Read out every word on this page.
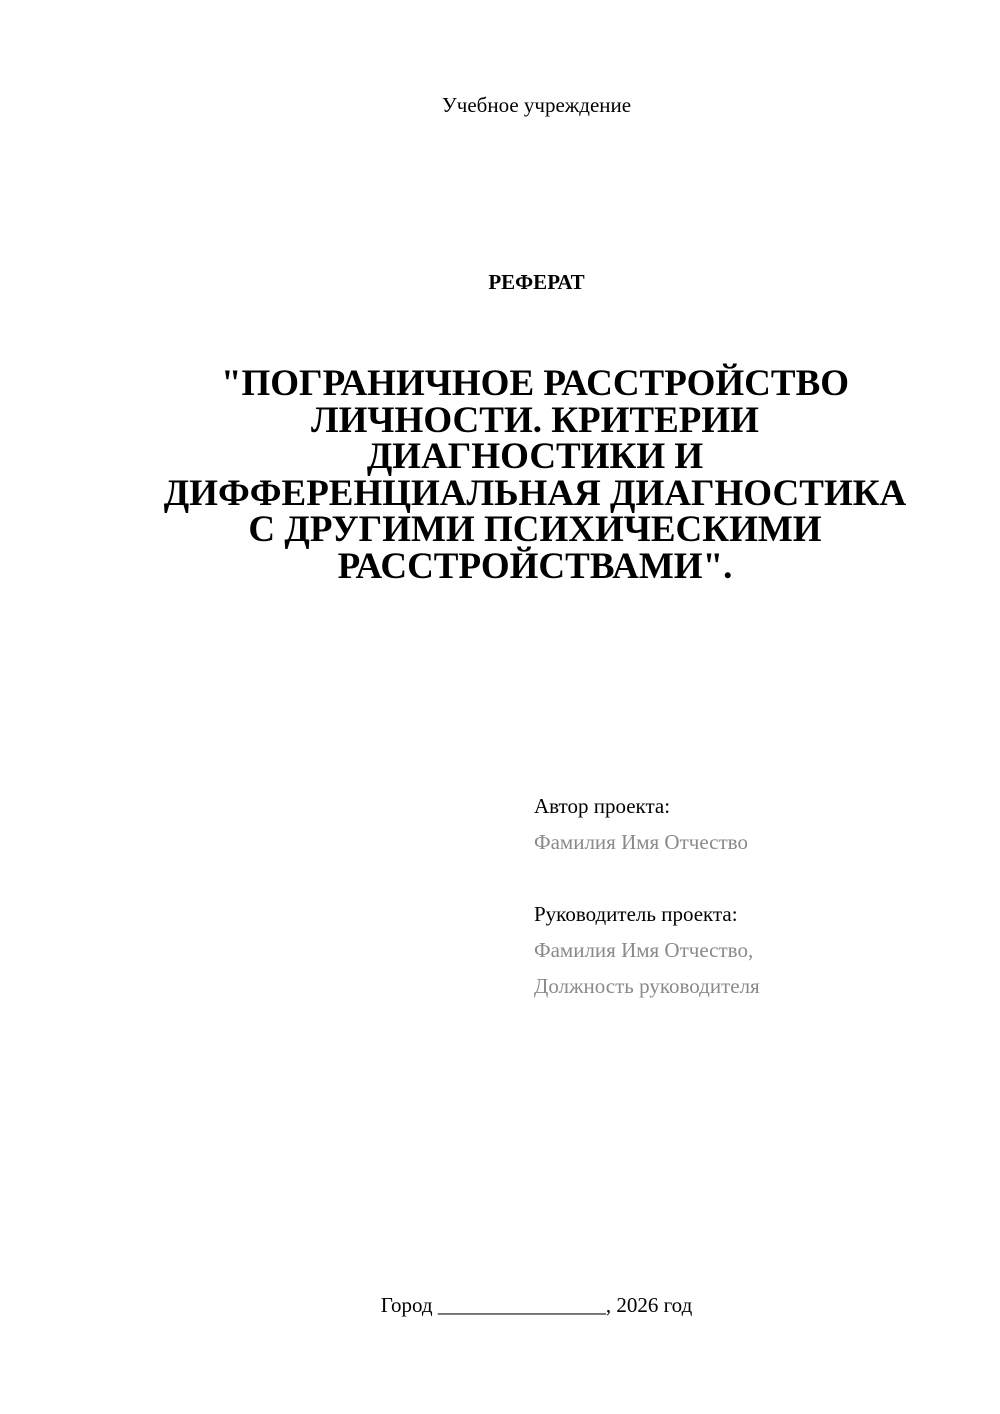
Учебное учреждение
РЕФЕРАТ
"ПОГРАНИЧНОЕ РАССТРОЙСТВО
ЛИЧНОСТИ. КРИТЕРИИ
ДИАГНОСТИКИ И
ДИФФЕРЕНЦИАЛЬНАЯ ДИАГНОСТИКА
С ДРУГИМИ ПСИХИЧЕСКИМИ
РАССТРОЙСТВАМИ".
Автор проекта:
Фамилия Имя Отчество
Руководитель проекта:
Фамилия Имя Отчество,
Должность руководителя
Город ________________, 2026 год
